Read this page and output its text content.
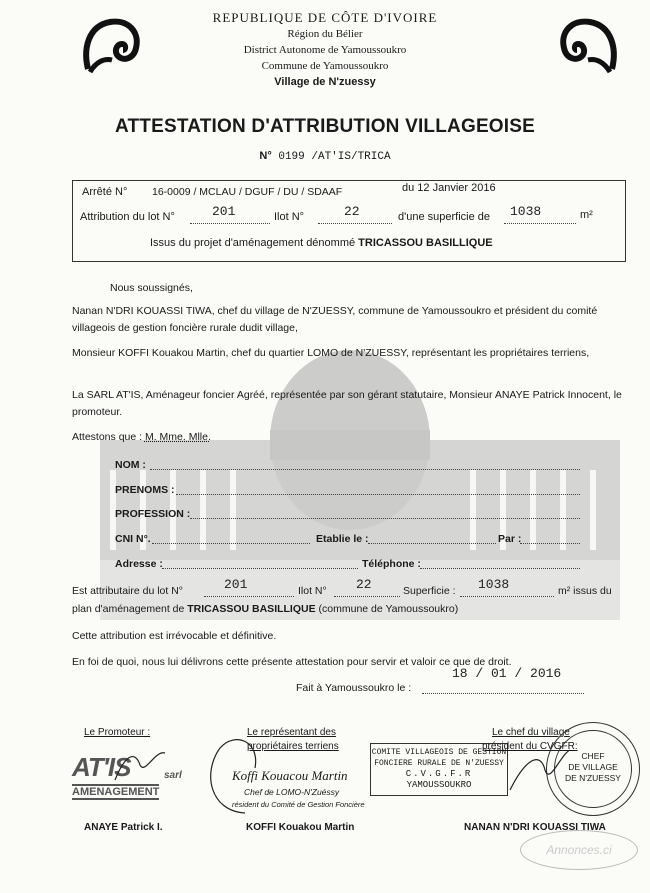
REPUBLIQUE DE CÔTE D'IVOIRE
Région du Bélier
District Autonome de Yamoussoukro
Commune de Yamoussoukro
Village de N'zuessy
ATTESTATION D'ATTRIBUTION VILLAGEOISE
N° 0199 /AT'IS/TRICA
Arrêté N° 16-0009 / MCLAU / DGUF / DU / SDAAF	du 12 Janvier 2016
Attribution du lot N°	201	Ilot N°	22	d'une superficie de 1038	m²
Issus du projet d'aménagement dénommé TRICASSOU BASILLIQUE
Nous soussignés,
Nanan N'DRI KOUASSI TIWA, chef du village de N'ZUESSY, commune de Yamoussoukro et président du comité villageois de gestion foncière rurale dudit village,
Monsieur KOFFI Kouakou Martin, chef du quartier LOMO de N'ZUESSY, représentant les propriétaires terriens,
La SARL AT'IS, Aménageur foncier Agréé, représentée par son gérant statutaire, Monsieur ANAYE Patrick Innocent, le promoteur.
Attestons que : M. Mme. Mlle.
NOM :
PRENOMS :
PROFESSION :
CNI N°.	Etablie le :	Par :
Adresse :	Téléphone :
Est attributaire du lot N°	201	Ilot N° 22	Superficie : 1038	m² issus du
plan d'aménagement de TRICASSOU BASILLIQUE (commune de Yamoussoukro)
Cette attribution est irrévocable et définitive.
En foi de quoi, nous lui délivrons cette présente attestation pour servir et valoir ce que de droit.
Fait à Yamoussoukro le :
18 / 01 / 2016
Le Promoteur :
AT'IS	sarl
AMENAGEMENT
ANAYE Patrick I.
Le représentant des
propriétaires terriens
Koffi Kouacou Martin
Chef de LOMO-N'Zuéssy
résident du Comité de Gestion Foncière
KOFFI Kouakou Martin
COMITE VILLAGEOIS DE GESTION
FONCIERE RURALE DE N'ZUESSY
C.V.G.F.R
YAMOUSSOUKRO
Le chef du village
président du CVGFR:
CHEF
DE VILLAGE
DE N'ZUESSY
NANAN N'DRI KOUASSI TIWA
Annonces.ci
